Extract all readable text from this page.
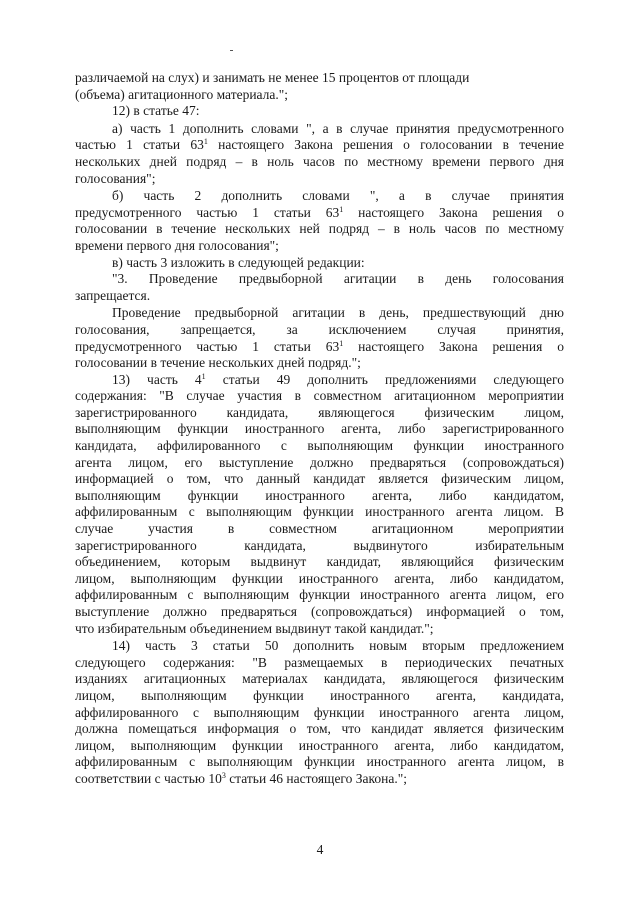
различаемой на слух) и занимать не менее 15 процентов от площади

(объема) агитационного материала.";

12) в статье 47:

а) часть 1 дополнить словами ", а в случае принятия предусмотренного

частью 1 статьи $63^1$ настоящего Закона решения о голосовании в течение

нескольких дней подряд – в ноль часов по местному времени первого дня

голосования";

б) часть 2 дополнить словами ", а в случае принятия

предусмотренного частью 1 статьи $63^1$ настоящего Закона решения о

голосовании в течение нескольких ней подряд – в ноль часов по местному

времени первого дня голосования";

в) часть 3 изложить в следующей редакции:

"3. Проведение предвыборной агитации в день голосования

запрещается.

Проведение предвыборной агитации в день, предшествующий дню

голосования, запрещается, за исключением случая принятия,

предусмотренного частью 1 статьи $63^1$ настоящего Закона решения о

голосовании в течение нескольких дней подряд.";

13) часть $4^1$ статьи 49 дополнить предложениями следующего

содержания: "В случае участия в совместном агитационном мероприятии

зарегистрированного кандидата, являющегося физическим лицом,

выполняющим функции иностранного агента, либо зарегистрированного

кандидата, аффилированного с выполняющим функции иностранного

агента лицом, его выступление должно предваряться (сопровождаться)

информацией о том, что данный кандидат является физическим лицом,

выполняющим функции иностранного агента, либо кандидатом,

аффилированным с выполняющим функции иностранного агента лицом. В

случае участия в совместном агитационном мероприятии

зарегистрированного кандидата, выдвинутого избирательным

объединением, которым выдвинут кандидат, являющийся физическим

лицом, выполняющим функции иностранного агента, либо кандидатом,

аффилированным с выполняющим функции иностранного агента лицом, его

выступление должно предваряться (сопровождаться) информацией о том,

что избирательным объединением выдвинут такой кандидат.";

14) часть 3 статьи 50 дополнить новым вторым предложением

следующего содержания: "В размещаемых в периодических печатных

изданиях агитационных материалах кандидата, являющегося физическим

лицом, выполняющим функции иностранного агента, кандидата,

аффилированного с выполняющим функции иностранного агента лицом,

должна помещаться информация о том, что кандидат является физическим

лицом, выполняющим функции иностранного агента, либо кандидатом,

аффилированным с выполняющим функции иностранного агента лицом, в

соответствии с частью $10^3$ статьи 46 настоящего Закона.";

4
